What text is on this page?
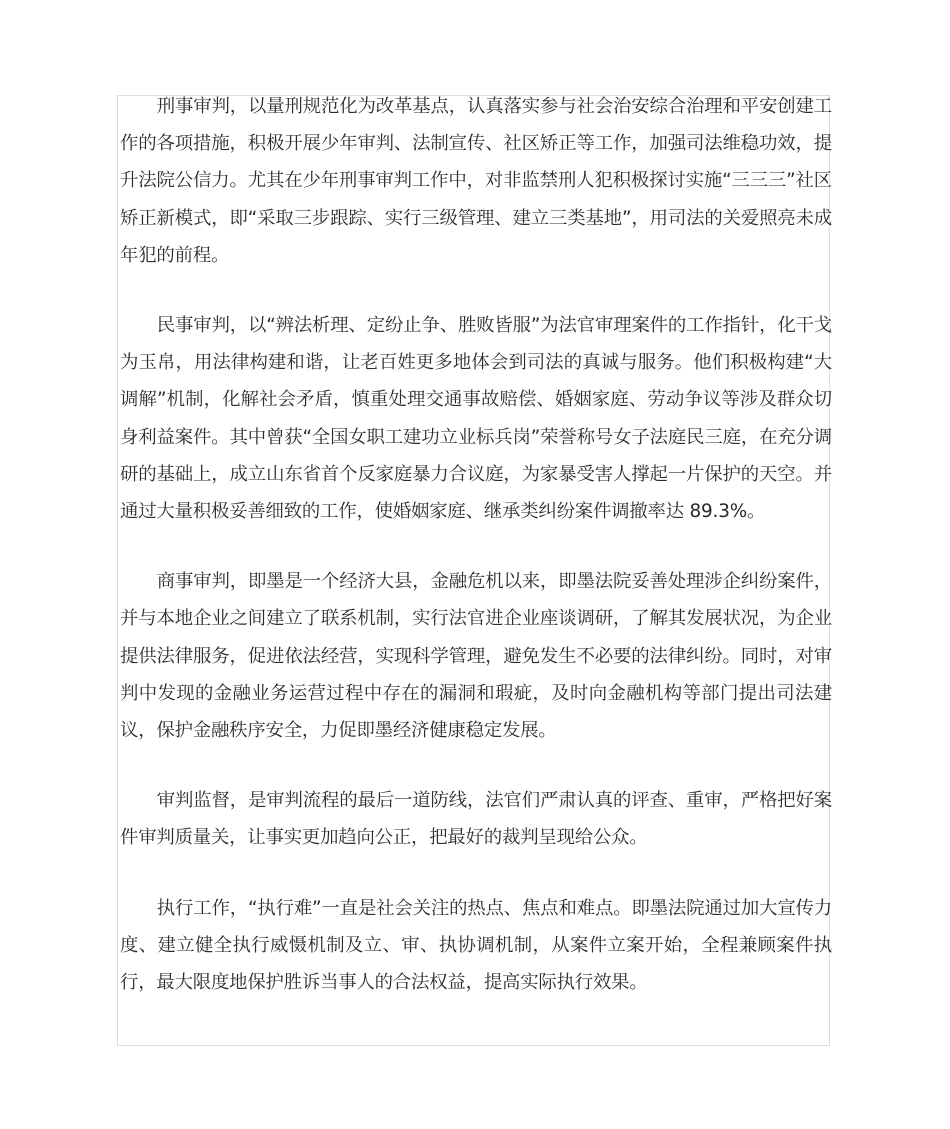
刑事审判，以量刑规范化为改革基点，认真落实参与社会治安综合治理和平安创建工作的各项措施，积极开展少年审判、法制宣传、社区矫正等工作，加强司法维稳功效，提升法院公信力。尤其在少年刑事审判工作中，对非监禁刑人犯积极探讨实施“三三三”社区矫正新模式，即“采取三步跟踪、实行三级管理、建立三类基地”，用司法的关爱照亮未成年犯的前程。

民事审判，以“辨法析理、定纷止争、胜败皆服”为法官审理案件的工作指针，化干戈为玉帛，用法律构建和谐，让老百姓更多地体会到司法的真诚与服务。他们积极构建“大调解”机制，化解社会矛盾，慎重处理交通事故赔偿、婚姻家庭、劳动争议等涉及群众切身利益案件。其中曾获“全国女职工建功立业标兵岗”荣誉称号女子法庭民三庭，在充分调研的基础上，成立山东省首个反家庭暴力合议庭，为家暴受害人撑起一片保护的天空。并通过大量积极妥善细致的工作，使婚姻家庭、继承类纠纷案件调撤率达 89.3%。

商事审判，即墨是一个经济大县，金融危机以来，即墨法院妥善处理涉企纠纷案件，并与本地企业之间建立了联系机制，实行法官进企业座谈调研，了解其发展状况，为企业提供法律服务，促进依法经营，实现科学管理，避免发生不必要的法律纠纷。同时，对审判中发现的金融业务运营过程中存在的漏洞和瑕疵，及时向金融机构等部门提出司法建议，保护金融秩序安全，力促即墨经济健康稳定发展。

审判监督，是审判流程的最后一道防线，法官们严肃认真的评查、重审，严格把好案件审判质量关，让事实更加趋向公正，把最好的裁判呈现给公众。

执行工作，“执行难”一直是社会关注的热点、焦点和难点。即墨法院通过加大宣传力度、建立健全执行威慑机制及立、审、执协调机制，从案件立案开始，全程兼顾案件执行，最大限度地保护胜诉当事人的合法权益，提高实际执行效果。
